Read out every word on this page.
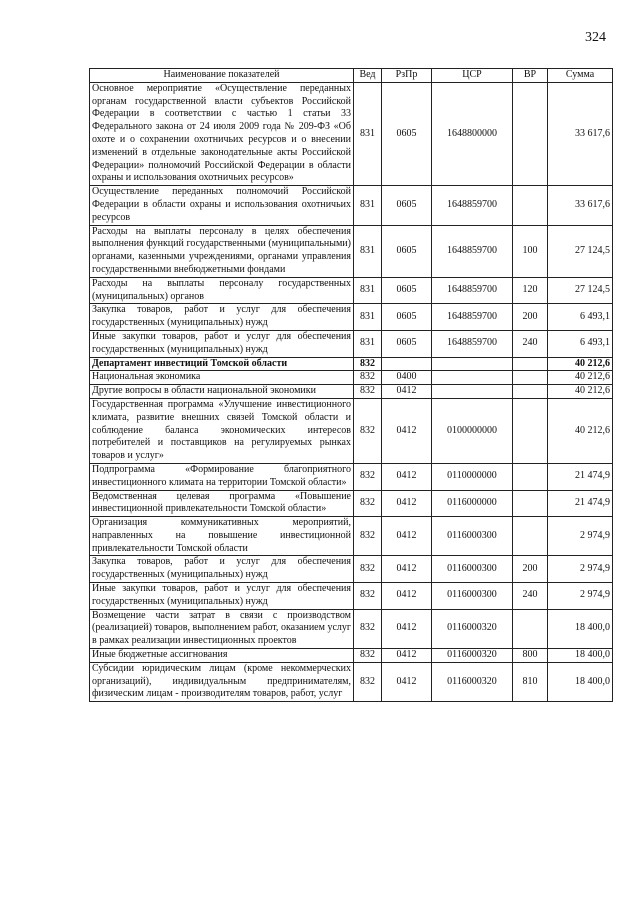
324
Наименование показателей	Вед	РзПр	ЦСР	ВР	Сумма
Основное мероприятие «Осуществление переданных органам государственной власти субъектов Российской Федерации в соответствии с частью 1 статьи 33 Федерального закона от 24 июля 2009 года № 209-ФЗ «Об охоте и о сохранении охотничьих ресурсов и о внесении изменений в отдельные законодательные акты Российской Федерации» полномочий Российской Федерации в области охраны и использования охотничьих ресурсов»	831	0605	1648800000		33 617,6
Осуществление переданных полномочий Российской Федерации в области охраны и использования охотничьих ресурсов	831	0605	1648859700		33 617,6
Расходы на выплаты персоналу в целях обеспечения выполнения функций государственными (муниципальными) органами, казенными учреждениями, органами управления государственными внебюджетными фондами	831	0605	1648859700	100	27 124,5
Расходы на выплаты персоналу государственных (муниципальных) органов	831	0605	1648859700	120	27 124,5
Закупка товаров, работ и услуг для обеспечения государственных (муниципальных) нужд	831	0605	1648859700	200	6 493,1
Иные закупки товаров, работ и услуг для обеспечения государственных (муниципальных) нужд	831	0605	1648859700	240	6 493,1
Департамент инвестиций Томской области	832				40 212,6
Национальная экономика	832	0400			40 212,6
Другие вопросы в области национальной экономики	832	0412			40 212,6
Государственная программа «Улучшение инвестиционного климата, развитие внешних связей Томской области и соблюдение баланса экономических интересов потребителей и поставщиков на регулируемых рынках товаров и услуг»	832	0412	0100000000		40 212,6
Подпрограмма «Формирование благоприятного инвестиционного климата на территории Томской области»	832	0412	0110000000		21 474,9
Ведомственная целевая программа «Повышение инвестиционной привлекательности Томской области»	832	0412	0116000000		21 474,9
Организация коммуникативных мероприятий, направленных на повышение инвестиционной привлекательности Томской области	832	0412	0116000300		2 974,9
Закупка товаров, работ и услуг для обеспечения государственных (муниципальных) нужд	832	0412	0116000300	200	2 974,9
Иные закупки товаров, работ и услуг для обеспечения государственных (муниципальных) нужд	832	0412	0116000300	240	2 974,9
Возмещение части затрат в связи с производством (реализацией) товаров, выполнением работ, оказанием услуг в рамках реализации инвестиционных проектов	832	0412	0116000320		18 400,0
Иные бюджетные ассигнования	832	0412	0116000320	800	18 400,0
Субсидии юридическим лицам (кроме некоммерческих организаций), индивидуальным предпринимателям, физическим лицам - производителям товаров, работ, услуг	832	0412	0116000320	810	18 400,0
